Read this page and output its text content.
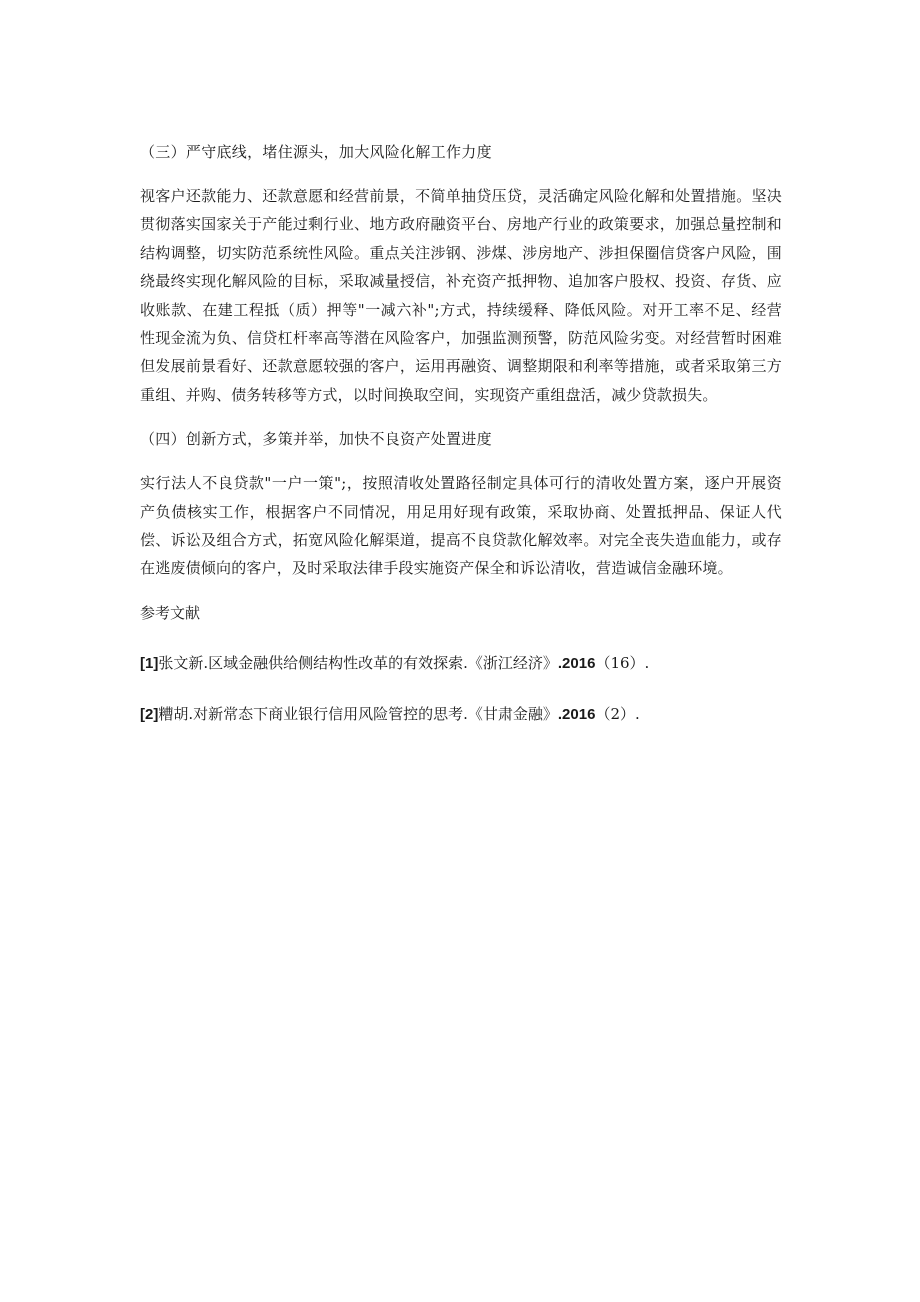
（三）严守底线，堵住源头，加大风险化解工作力度

视客户还款能力、还款意愿和经营前景，不简单抽贷压贷，灵活确定风险化解和处置措施。坚决贯彻落实国家关于产能过剩行业、地方政府融资平台、房地产行业的政策要求，加强总量控制和结构调整，切实防范系统性风险。重点关注涉钢、涉煤、涉房地产、涉担保圈信贷客户风险，围绕最终实现化解风险的目标，采取减量授信，补充资产抵押物、追加客户股权、投资、存货、应收账款、在建工程抵（质）押等"一减六补";方式，持续缓释、降低风险。对开工率不足、经营性现金流为负、信贷杠杆率高等潜在风险客户，加强监测预警，防范风险劣变。对经营暂时困难但发展前景看好、还款意愿较强的客户，运用再融资、调整期限和利率等措施，或者采取第三方重组、并购、债务转移等方式，以时间换取空间，实现资产重组盘活，减少贷款损失。

（四）创新方式，多策并举，加快不良资产处置进度

实行法人不良贷款"一户一策";，按照清收处置路径制定具体可行的清收处置方案，逐户开展资产负债核实工作，根据客户不同情况，用足用好现有政策，采取协商、处置抵押品、保证人代偿、诉讼及组合方式，拓宽风险化解渠道，提高不良贷款化解效率。对完全丧失造血能力，或存在逃废债倾向的客户，及时采取法律手段实施资产保全和诉讼清收，营造诚信金融环境。

参考文献

[1]张文新.区域金融供给侧结构性改革的有效探索.《浙江经济》.2016（16）.

[2]糟胡.对新常态下商业银行信用风险管控的思考.《甘肃金融》.2016（2）.
